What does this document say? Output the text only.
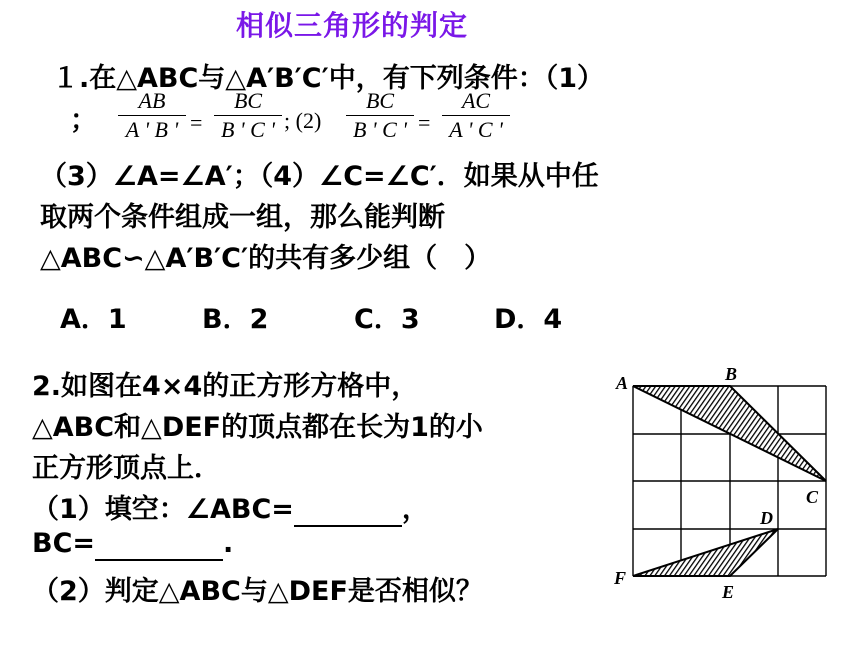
相似三角形的判定
１.在△ABC与△A′B′C′中，有下列条件：（1）
；
AB
A ' B ' =
BC
B ' C ' ; (2)
BC
B ' C ' =
AC
A ' C '
（3）∠A=∠A′；（4）∠C=∠C′．如果从中任
取两个条件组成一组，那么能判断
△ABC∽△A′B′C′的共有多少组（　）
A．1	B．2	C．3	D．4
2.如图在4×4的正方形方格中，
△ABC和△DEF的顶点都在长为1的小
正方形顶点上．
（1）填空：∠ABC=	，
BC=	.
（2）判定△ABC与△DEF是否相似？
A	B
C
D
E
F
